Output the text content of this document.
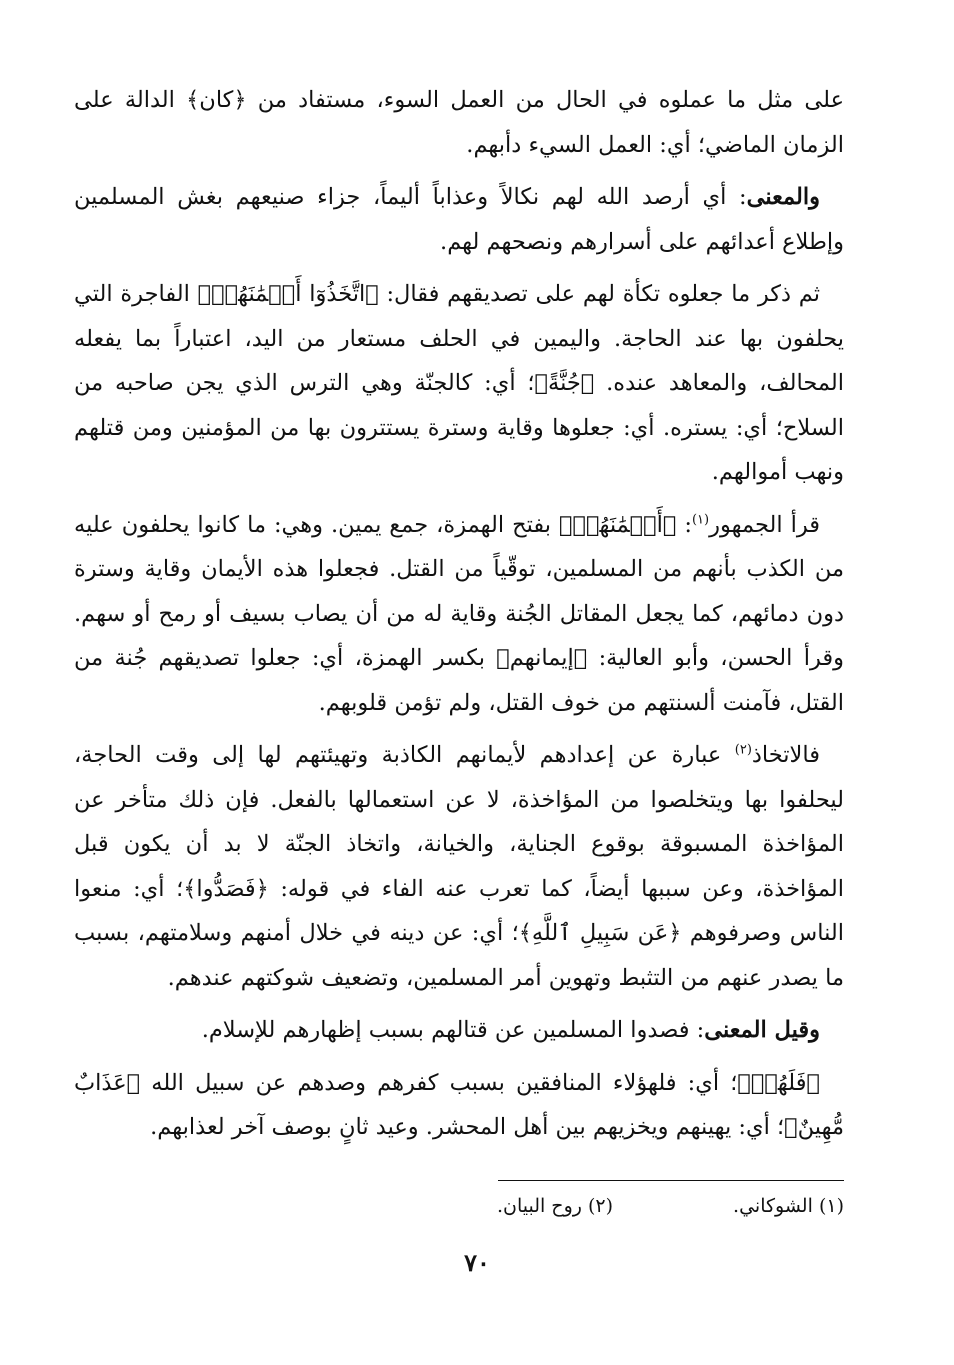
على مثل ما عملوه في الحال من العمل السوء، مستفاد من ﴿كان﴾ الدالة على الزمان الماضي؛ أي: العمل السيء دأبهم.

والمعنى: أي أرصد الله لهم نكالاً وعذاباً أليماً، جزاء صنيعهم بغش المسلمين وإطلاع أعدائهم على أسرارهم ونصحهم لهم.

ثم ذكر ما جعلوه تكأة لهم على تصديقهم فقال: ﴿اتَّخَذُوٓا أَيۡمَٰنَهُمۡ﴾ الفاجرة التي يحلفون بها عند الحاجة. واليمين في الحلف مستعار من اليد، اعتباراً بما يفعله المحالف، والمعاهد عنده. ﴿جُنَّةً﴾؛ أي: كالجنّة وهي الترس الذي يجن صاحبه من السلاح؛ أي: يستره. أي: جعلوها وقاية وسترة يستترون بها من المؤمنين ومن قتلهم ونهب أموالهم.

قرأ الجمهور$^{(١)}$: ﴿أَيۡمَٰنَهُمۡ﴾ بفتح الهمزة، جمع يمين. وهي: ما كانوا يحلفون عليه من الكذب بأنهم من المسلمين، توقّياً من القتل. فجعلوا هذه الأيمان وقاية وسترة دون دمائهم، كما يجعل المقاتل الجُنة وقاية له من أن يصاب بسيف أو رمح أو سهم. وقرأ الحسن، وأبو العالية: ﴿إيمانهم﴾ بكسر الهمزة، أي: جعلوا تصديقهم جُنة من القتل، فآمنت ألسنتهم من خوف القتل، ولم تؤمن قلوبهم.

فالاتخاذ$^{(٢)}$ عبارة عن إعدادهم لأيمانهم الكاذبة وتهيئتهم لها إلى وقت الحاجة، ليحلفوا بها ويتخلصوا من المؤاخذة، لا عن استعمالها بالفعل. فإن ذلك متأخر عن المؤاخذة المسبوقة بوقوع الجناية، والخيانة، واتخاذ الجنّة لا بد أن يكون قبل المؤاخذة، وعن سببها أيضاً، كما تعرب عنه الفاء في قوله: ﴿فَصَدُّوا﴾؛ أي: منعوا الناس وصرفوهم ﴿عَن سَبِيلِ ٱللَّهِ﴾؛ أي: عن دينه في خلال أمنهم وسلامتهم، بسبب ما يصدر عنهم من التثبط وتهوين أمر المسلمين، وتضعيف شوكتهم عندهم.

وقيل المعنى: فصدوا المسلمين عن قتالهم بسبب إظهارهم للإسلام.

﴿فَلَهُمۡ﴾؛ أي: فلهؤلاء المنافقين بسبب كفرهم وصدهم عن سبيل الله ﴿عَذَابٌ مُّهِينٌ﴾؛ أي: يهينهم ويخزيهم بين أهل المحشر. وعيد ثانٍ بوصف آخر لعذابهم.

(١) الشوكاني.
(٢) روح البيان.
٧٠
